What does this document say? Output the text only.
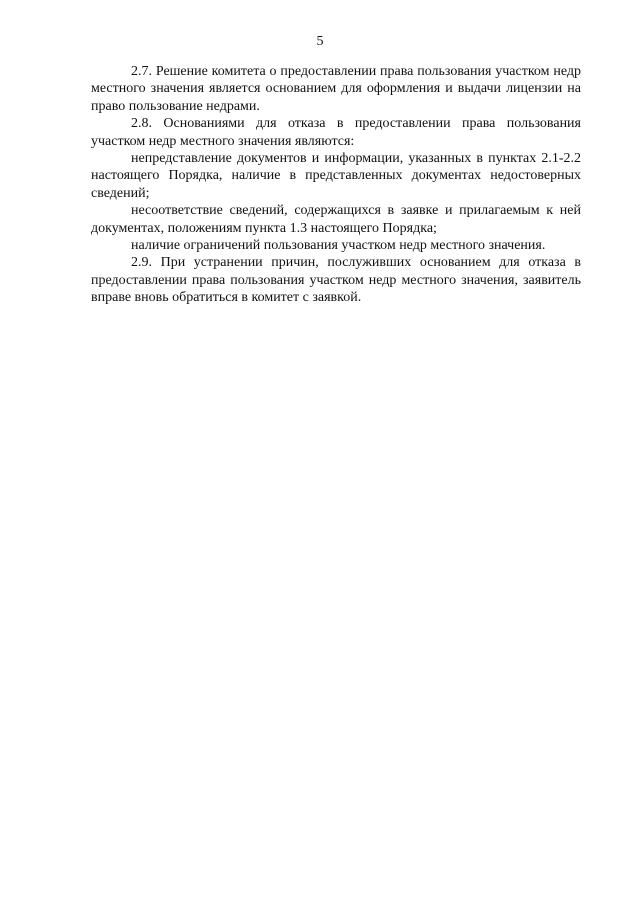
5

2.7. Решение комитета о предоставлении права пользования участком недр местного значения является основанием для оформления и выдачи лицензии на право пользование недрами.

2.8. Основаниями для отказа в предоставлении права пользования участком недр местного значения являются:

непредставление документов и информации, указанных в пунктах 2.1-2.2 настоящего Порядка, наличие в представленных документах недостоверных сведений;

несоответствие сведений, содержащихся в заявке и прилагаемым к ней документах, положениям пункта 1.3 настоящего Порядка;

наличие ограничений пользования участком недр местного значения.

2.9. При устранении причин, послуживших основанием для отказа в предоставлении права пользования участком недр местного значения, заявитель вправе вновь обратиться в комитет с заявкой.
